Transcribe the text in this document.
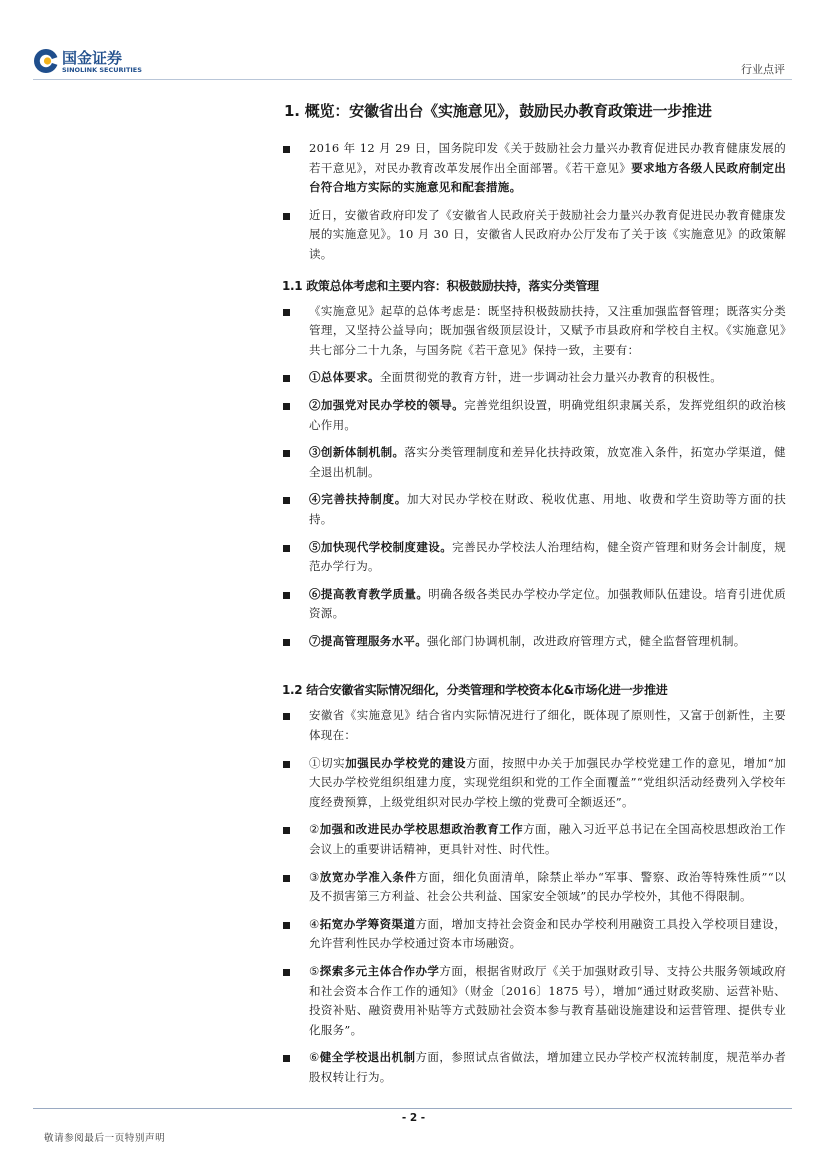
国金证券
SINOLINK SECURITIES	行业点评
1. 概览：安徽省出台《实施意见》，鼓励民办教育政策进一步推进
2016 年 12 月 29 日，国务院印发《关于鼓励社会力量兴办教育促进民办教育健康发展的若干意见》，对民办教育改革发展作出全面部署。《若干意见》要求地方各级人民政府制定出台符合地方实际的实施意见和配套措施。
近日，安徽省政府印发了《安徽省人民政府关于鼓励社会力量兴办教育促进民办教育健康发展的实施意见》。10 月 30 日，安徽省人民政府办公厅发布了关于该《实施意见》的政策解读。
1.1 政策总体考虑和主要内容：积极鼓励扶持，落实分类管理
《实施意见》起草的总体考虑是：既坚持积极鼓励扶持，又注重加强监督管理；既落实分类管理，又坚持公益导向；既加强省级顶层设计，又赋予市县政府和学校自主权。《实施意见》共七部分二十九条，与国务院《若干意见》保持一致，主要有：
①总体要求。全面贯彻党的教育方针，进一步调动社会力量兴办教育的积极性。
②加强党对民办学校的领导。完善党组织设置，明确党组织隶属关系，发挥党组织的政治核心作用。
③创新体制机制。落实分类管理制度和差异化扶持政策，放宽准入条件，拓宽办学渠道，健全退出机制。
④完善扶持制度。加大对民办学校在财政、税收优惠、用地、收费和学生资助等方面的扶持。
⑤加快现代学校制度建设。完善民办学校法人治理结构，健全资产管理和财务会计制度，规范办学行为。
⑥提高教育教学质量。明确各级各类民办学校办学定位。加强教师队伍建设。培育引进优质资源。
⑦提高管理服务水平。强化部门协调机制，改进政府管理方式，健全监督管理机制。
1.2 结合安徽省实际情况细化，分类管理和学校资本化&市场化进一步推进
安徽省《实施意见》结合省内实际情况进行了细化，既体现了原则性，又富于创新性，主要体现在：
①切实加强民办学校党的建设方面，按照中办关于加强民办学校党建工作的意见，增加“加大民办学校党组织组建力度，实现党组织和党的工作全面覆盖”“党组织活动经费列入学校年度经费预算，上级党组织对民办学校上缴的党费可全额返还”。
②加强和改进民办学校思想政治教育工作方面，融入习近平总书记在全国高校思想政治工作会议上的重要讲话精神，更具针对性、时代性。
③放宽办学准入条件方面，细化负面清单，除禁止举办“军事、警察、政治等特殊性质”“以及不损害第三方利益、社会公共利益、国家安全领域”的民办学校外，其他不得限制。
④拓宽办学筹资渠道方面，增加支持社会资金和民办学校利用融资工具投入学校项目建设，允许营利性民办学校通过资本市场融资。
⑤探索多元主体合作办学方面，根据省财政厅《关于加强财政引导、支持公共服务领域政府和社会资本合作工作的通知》（财金〔2016〕1875 号），增加“通过财政奖励、运营补贴、投资补贴、融资费用补贴等方式鼓励社会资本参与教育基础设施建设和运营管理、提供专业化服务”。
⑥健全学校退出机制方面，参照试点省做法，增加建立民办学校产权流转制度，规范举办者股权转让行为。
- 2 -
敬请参阅最后一页特别声明
